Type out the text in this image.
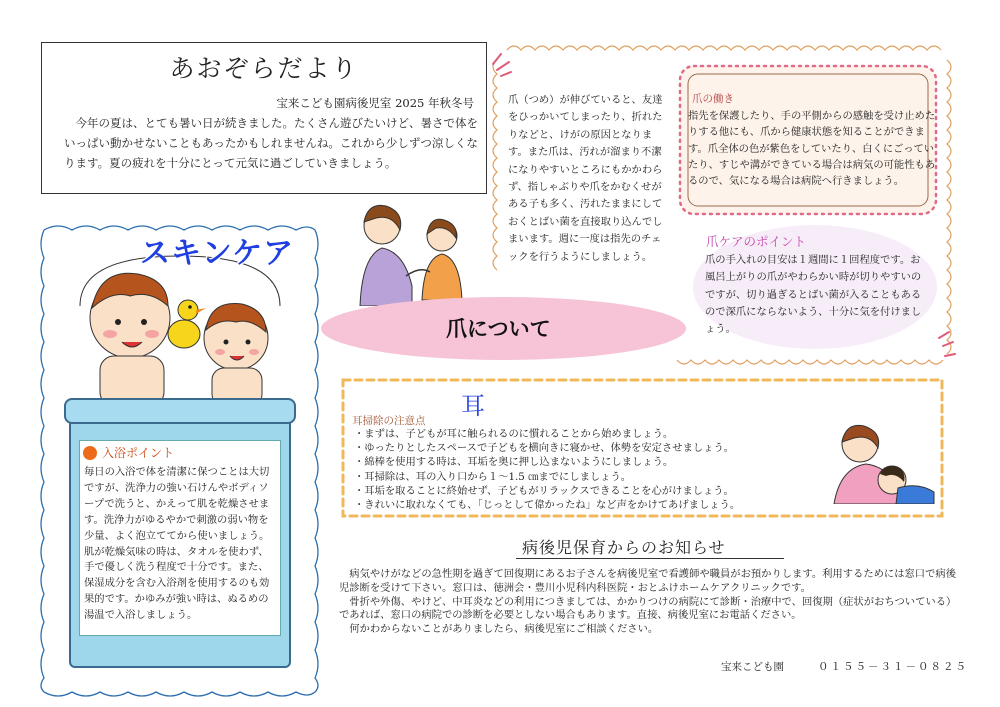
あおぞらだより
宝来こども園病後児室 2025 年秋冬号
今年の夏は、とても暑い日が続きました。たくさん遊びたいけど、暑さで体をいっぱい動かせないこともあったかもしれませんね。これから少しずつ涼しくなります。夏の疲れを十分にとって元気に過ごしていきましょう。
スキンケア
入浴ポイント
毎日の入浴で体を清潔に保つことは大切ですが、洗浄力の強い石けんやボディソープで洗うと、かえって肌を乾燥させます。洗浄力がゆるやかで刺激の弱い物を少量、よく泡立ててから使いましょう。肌が乾燥気味の時は、タオルを使わず、手で優しく洗う程度で十分です。また、保湿成分を含む入浴剤を使用するのも効果的です。かゆみが強い時は、ぬるめの湯温で入浴しましょう。
爪（つめ）が伸びていると、友達をひっかいてしまったり、折れたりなどと、けがの原因となります。また爪は、汚れが溜まり不潔になりやすいところにもかかわらず、指しゃぶりや爪をかむくせがある子も多く、汚れたままにしておくとばい菌を直接取り込んでしまいます。週に一度は指先のチェックを行うようにしましょう。
爪の働き
指先を保護したり、手の平側からの感触を受け止めたりする他にも、爪から健康状態を知ることができます。爪全体の色が紫色をしていたり、白くにごっていたり、すじや溝ができている場合は病気の可能性もあるので、気になる場合は病院へ行きましょう。
爪ケアのポイント
爪の手入れの目安は１週間に１回程度です。お風呂上がりの爪がやわらかい時が切りやすいのですが、切り過ぎるとばい菌が入ることもあるので深爪にならないよう、十分に気を付けましょう。
爪について
耳
耳掃除の注意点
・まずは、子どもが耳に触られるのに慣れることから始めましょう。
・ゆったりとしたスペースで子どもを横向きに寝かせ、体勢を安定させましょう。
・綿棒を使用する時は、耳垢を奥に押し込まないようにしましょう。
・耳掃除は、耳の入り口から１〜1.5 ㎝までにしましょう。
・耳垢を取ることに終始せず、子どもがリラックスできることを心がけましょう。
・きれいに取れなくても、「じっとして偉かったね」など声をかけてあげましょう。
病後児保育からのお知らせ

病気やけがなどの急性期を過ぎて回復期にあるお子さんを病後児室で看護師や職員がお預かりします。利用するためには窓口で病後児診断を受けて下さい。窓口は、徳洲会・豊川小児科内科医院・おとふけホームケアクリニックです。

骨折や外傷、やけど、中耳炎などの利用につきましては、かかりつけの病院にて診断・治療中で、回復期（症状がおちついている）であれば、窓口の病院での診断を必要としない場合もあります。直接、病後児室にお電話ください。

何かわからないことがありましたら、病後児室にご相談ください。

宝来こども園	０１５５－３１－０８２５
